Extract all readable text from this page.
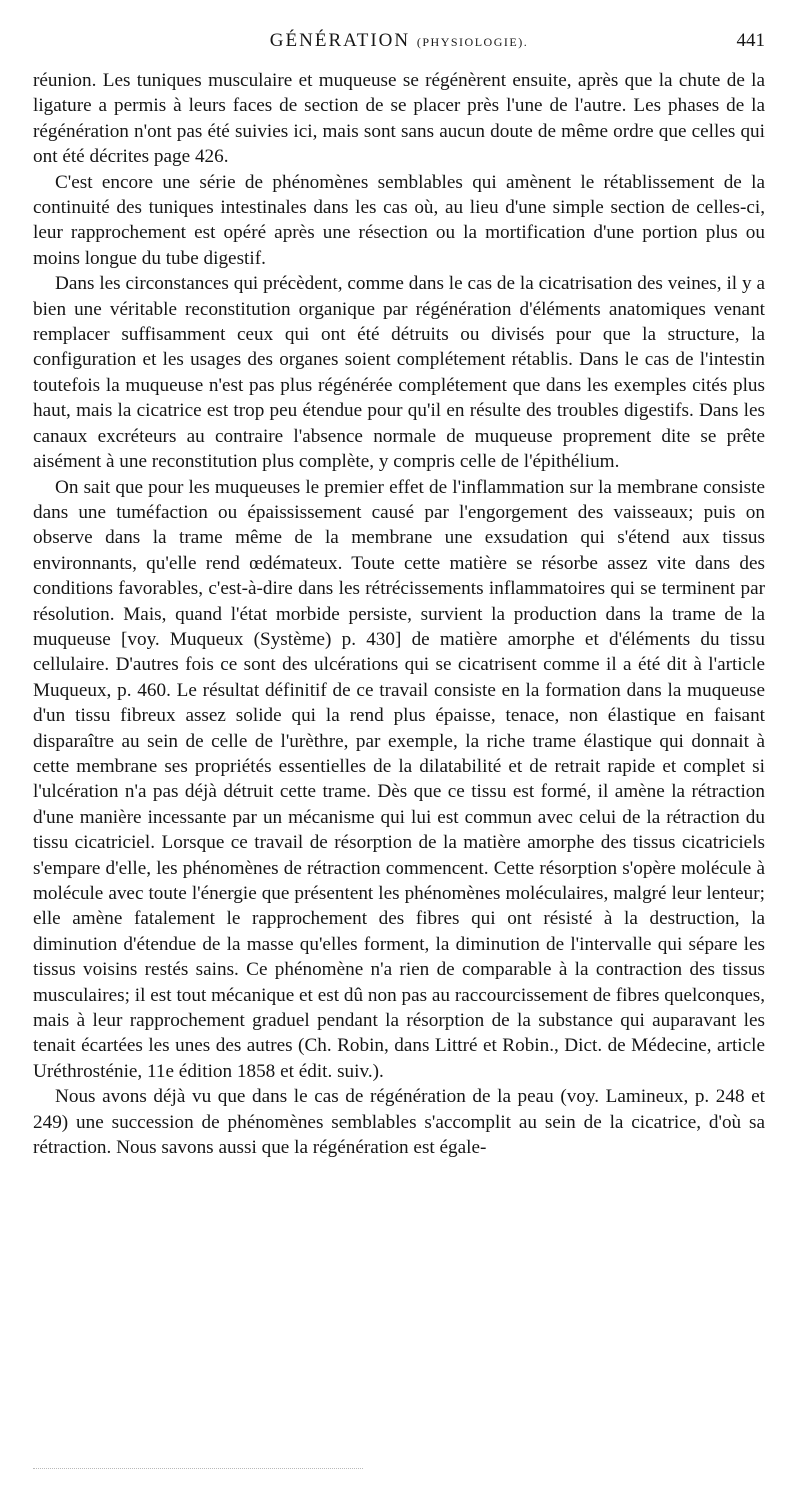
GÉNÉRATION (PHYSIOLOGIE).	441

réunion. Les tuniques musculaire et muqueuse se régénèrent ensuite, après que la chute de la ligature a permis à leurs faces de section de se placer près l'une de l'autre. Les phases de la régénération n'ont pas été suivies ici, mais sont sans aucun doute de même ordre que celles qui ont été décrites page 426.

C'est encore une série de phénomènes semblables qui amènent le rétablissement de la continuité des tuniques intestinales dans les cas où, au lieu d'une simple section de celles-ci, leur rapprochement est opéré après une résection ou la mortification d'une portion plus ou moins longue du tube digestif.

Dans les circonstances qui précèdent, comme dans le cas de la cicatrisation des veines, il y a bien une véritable reconstitution organique par régénération d'éléments anatomiques venant remplacer suffisamment ceux qui ont été détruits ou divisés pour que la structure, la configuration et les usages des organes soient complétement rétablis. Dans le cas de l'intestin toutefois la muqueuse n'est pas plus régénérée complétement que dans les exemples cités plus haut, mais la cicatrice est trop peu étendue pour qu'il en résulte des troubles digestifs. Dans les canaux excréteurs au contraire l'absence normale de muqueuse proprement dite se prête aisément à une reconstitution plus complète, y compris celle de l'épithélium.

On sait que pour les muqueuses le premier effet de l'inflammation sur la membrane consiste dans une tuméfaction ou épaississement causé par l'engorgement des vaisseaux; puis on observe dans la trame même de la membrane une exsudation qui s'étend aux tissus environnants, qu'elle rend œdémateux. Toute cette matière se résorbe assez vite dans des conditions favorables, c'est-à-dire dans les rétrécissements inflammatoires qui se terminent par résolution. Mais, quand l'état morbide persiste, survient la production dans la trame de la muqueuse [voy. Muqueux (Système) p. 430] de matière amorphe et d'éléments du tissu cellulaire. D'autres fois ce sont des ulcérations qui se cicatrisent comme il a été dit à l'article Muqueux, p. 460. Le résultat définitif de ce travail consiste en la formation dans la muqueuse d'un tissu fibreux assez solide qui la rend plus épaisse, tenace, non élastique en faisant disparaître au sein de celle de l'urèthre, par exemple, la riche trame élastique qui donnait à cette membrane ses propriétés essentielles de la dilatabilité et de retrait rapide et complet si l'ulcération n'a pas déjà détruit cette trame. Dès que ce tissu est formé, il amène la rétraction d'une manière incessante par un mécanisme qui lui est commun avec celui de la rétraction du tissu cicatriciel. Lorsque ce travail de résorption de la matière amorphe des tissus cicatriciels s'empare d'elle, les phénomènes de rétraction commencent. Cette résorption s'opère molécule à molécule avec toute l'énergie que présentent les phénomènes moléculaires, malgré leur lenteur; elle amène fatalement le rapprochement des fibres qui ont résisté à la destruction, la diminution d'étendue de la masse qu'elles forment, la diminution de l'intervalle qui sépare les tissus voisins restés sains. Ce phénomène n'a rien de comparable à la contraction des tissus musculaires; il est tout mécanique et est dû non pas au raccourcissement de fibres quelconques, mais à leur rapprochement graduel pendant la résorption de la substance qui auparavant les tenait écartées les unes des autres (Ch. Robin, dans Littré et Robin., Dict. de Médecine, article Uréthrosténie, 11e édition 1858 et édit. suiv.).

Nous avons déjà vu que dans le cas de régénération de la peau (voy. Lamineux, p. 248 et 249) une succession de phénomènes semblables s'accomplit au sein de la cicatrice, d'où sa rétraction. Nous savons aussi que la régénération est égale-
